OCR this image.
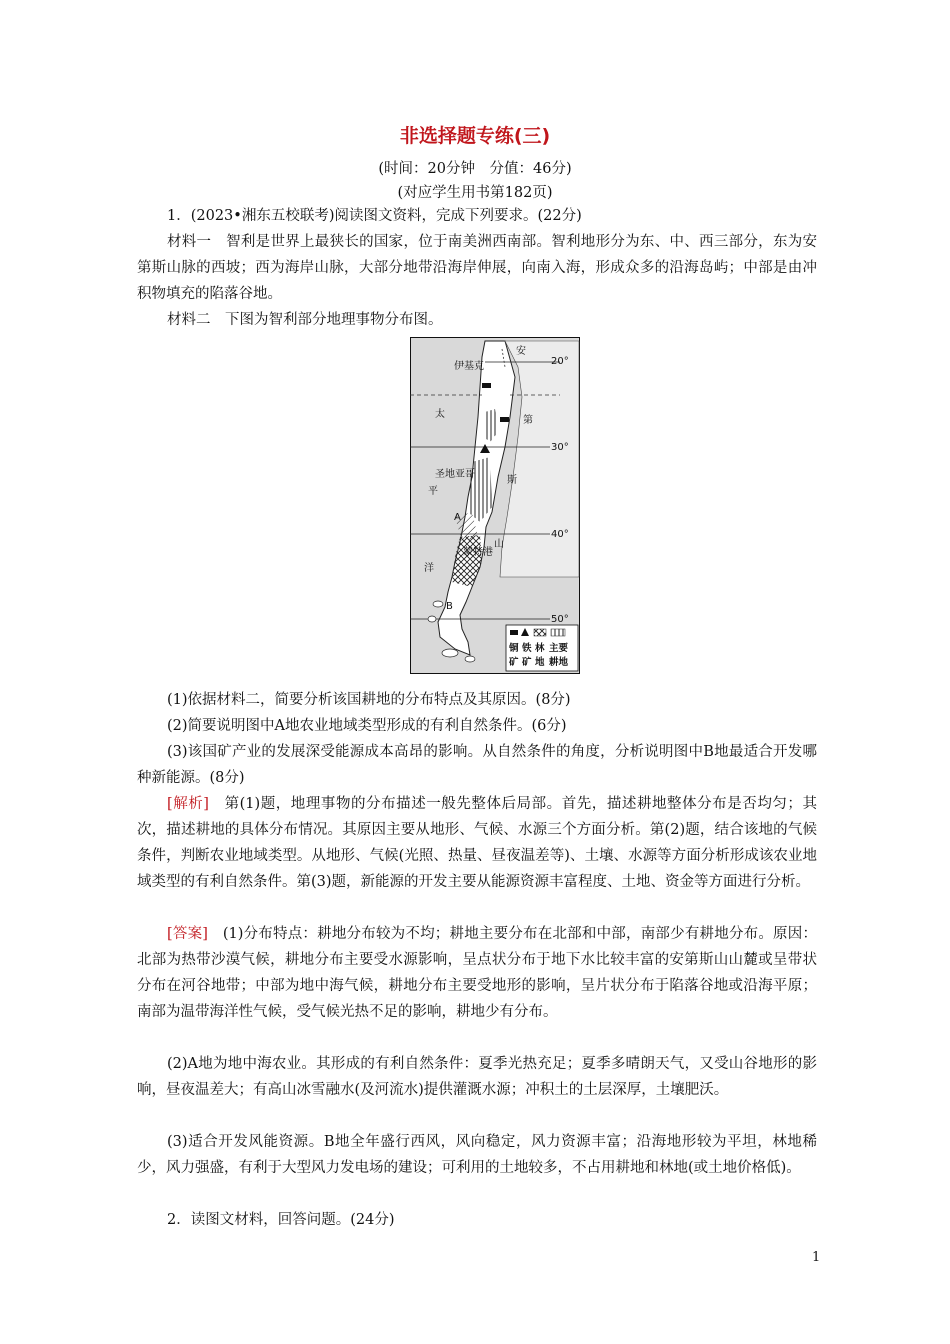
非选择题专练(三)
(时间：20分钟　分值：46分)
(对应学生用书第182页)
1．(2023•湘东五校联考)阅读图文资料，完成下列要求。(22分)
材料一　智利是世界上最狭长的国家，位于南美洲西南部。智利地形分为东、中、西三部分，东为安第斯山脉的西坡；西为海岸山脉，大部分地带沿海岸伸展，向南入海，形成众多的沿海岛屿；中部是由冲积物填充的陷落谷地。
材料二　下图为智利部分地理事物分布图。
安
伊基克
第
太
圣地亚哥
斯
平
A
蒙特港
山
洋
B
20°
30°
40°
50°
铜 铁 林 主要
矿 矿 地 耕地
(1)依据材料二，简要分析该国耕地的分布特点及其原因。(8分)
(2)简要说明图中A地农业地域类型形成的有利自然条件。(6分)
(3)该国矿产业的发展深受能源成本高昂的影响。从自然条件的角度，分析说明图中B地最适合开发哪种新能源。(8分)
[解析]　第(1)题，地理事物的分布描述一般先整体后局部。首先，描述耕地整体分布是否均匀；其次，描述耕地的具体分布情况。其原因主要从地形、气候、水源三个方面分析。第(2)题，结合该地的气候条件，判断农业地域类型。从地形、气候(光照、热量、昼夜温差等)、土壤、水源等方面分析形成该农业地域类型的有利自然条件。第(3)题，新能源的开发主要从能源资源丰富程度、土地、资金等方面进行分析。
[答案]　(1)分布特点：耕地分布较为不均；耕地主要分布在北部和中部，南部少有耕地分布。原因：北部为热带沙漠气候，耕地分布主要受水源影响，呈点状分布于地下水比较丰富的安第斯山山麓或呈带状分布在河谷地带；中部为地中海气候，耕地分布主要受地形的影响，呈片状分布于陷落谷地或沿海平原；南部为温带海洋性气候，受气候光热不足的影响，耕地少有分布。
(2)A地为地中海农业。其形成的有利自然条件：夏季光热充足；夏季多晴朗天气，又受山谷地形的影响，昼夜温差大；有高山冰雪融水(及河流水)提供灌溉水源；冲积土的土层深厚，土壤肥沃。
(3)适合开发风能资源。B地全年盛行西风，风向稳定，风力资源丰富；沿海地形较为平坦，林地稀少，风力强盛，有利于大型风力发电场的建设；可利用的土地较多，不占用耕地和林地(或土地价格低)。
2．读图文材料，回答问题。(24分)
1
